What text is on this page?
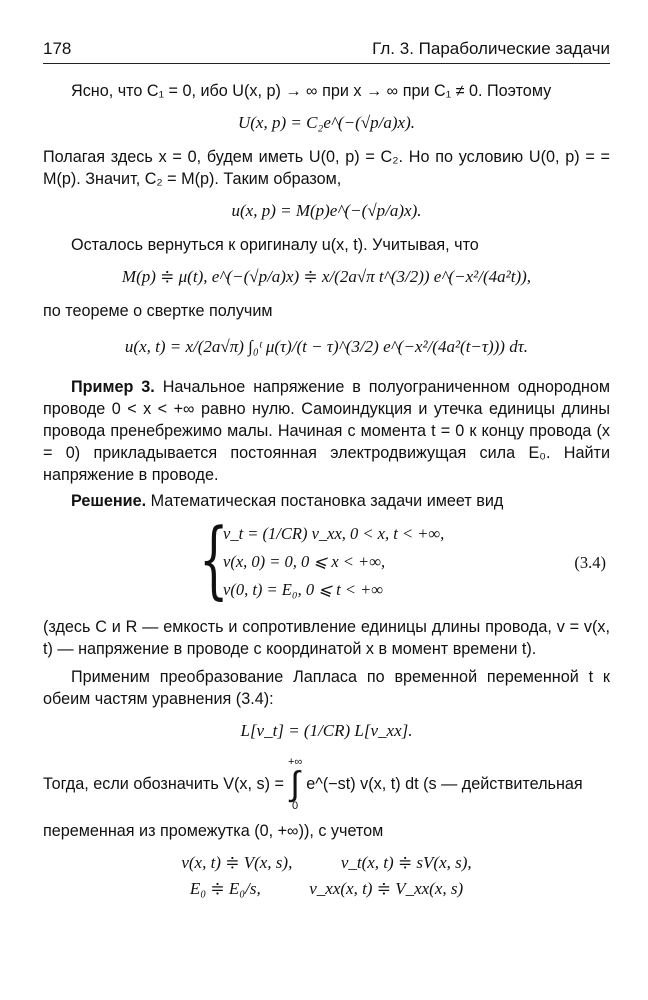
178	Гл. 3. Параболические задачи

Ясно, что C₁ = 0, ибо U(x, p) → ∞ при x → ∞ при C₁ ≠ 0. Поэтому

U(x, p) = C₂e^(−(√p/a)x).

Полагая здесь x = 0, будем иметь U(0, p) = C₂. Но по условию U(0, p) = = M(p). Значит, C₂ = M(p). Таким образом,

u(x, p) = M(p)e^(−(√p/a)x).

Осталось вернуться к оригиналу u(x, t). Учитывая, что

M(p) ≑ μ(t), e^(−(√p/a)x) ≑ x/(2a√π t^(3/2)) e^(−x²/(4a²t)),

по теореме о свертке получим

u(x, t) = x/(2a√π) ∫₀ᵗ μ(τ)/(t − τ)^(3/2) e^(−x²/(4a²(t−τ))) dτ.

Пример 3. Начальное напряжение в полуограниченном однородном проводе 0 < x < +∞ равно нулю. Самоиндукция и утечка единицы длины провода пренебрежимо малы. Начиная с момента t = 0 к концу провода (x = 0) прикладывается постоянная электродвижущая сила E₀. Найти напряжение в проводе.

Решение. Математическая постановка задачи имеет вид

{
v_t = (1/CR) v_xx, 0 < x, t < +∞,
v(x, 0) = 0, 0 ⩽ x < +∞,
v(0, t) = E₀, 0 ⩽ t < +∞
(3.4)

(здесь C и R — емкость и сопротивление единицы длины провода, v = v(x, t) — напряжение в проводе с координатой x в момент времени t).

Применим преобразование Лапласа по временной переменной t к обеим частям уравнения (3.4):

L[v_t] = (1/CR) L[v_xx].
Тогда, если обозначить V(x, s) =
+∞
∫
0
e^(−st) v(x, t) dt (s — действительная

переменная из промежутка (0, +∞)), с учетом

v(x, t) ≑ V(x, s),	v_t(x, t) ≑ sV(x, s),
E₀ ≑ E₀/s,	v_xx(x, t) ≑ V_xx(x, s)
